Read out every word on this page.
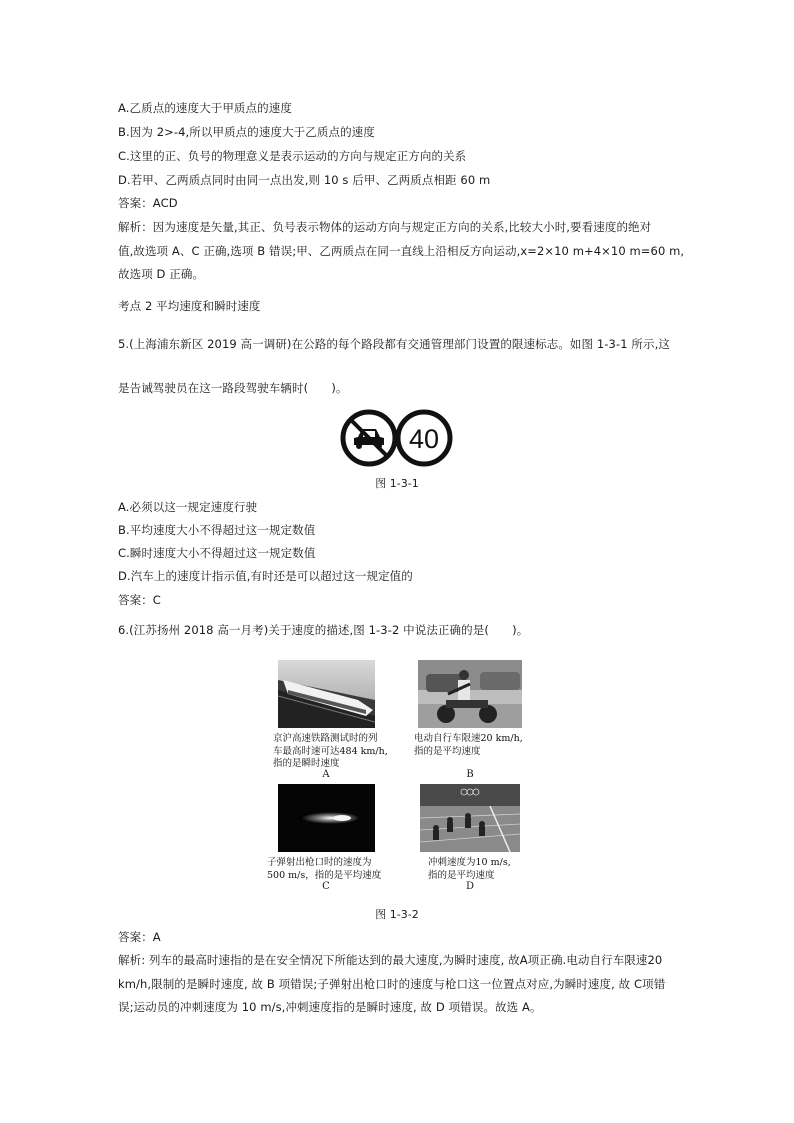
A.乙质点的速度大于甲质点的速度
B.因为 2>-4,所以甲质点的速度大于乙质点的速度
C.这里的正、负号的物理意义是表示运动的方向与规定正方向的关系
D.若甲、乙两质点同时由同一点出发,则 10 s 后甲、乙两质点相距 60 m
答案：ACD
解析：因为速度是矢量,其正、负号表示物体的运动方向与规定正方向的关系,比较大小时,要看速度的绝对
值,故选项 A、C 正确,选项 B 错误;甲、乙两质点在同一直线上沿相反方向运动,x=2×10 m+4×10 m=60 m,
故选项 D 正确。
考点 2 平均速度和瞬时速度
5.(上海浦东新区 2019 高一调研)在公路的每个路段都有交通管理部门设置的限速标志。如图 1-3-1 所示,这
是告诫驾驶员在这一路段驾驶车辆时(　　)。
40
图 1-3-1
A.必须以这一规定速度行驶
B.平均速度大小不得超过这一规定数值
C.瞬时速度大小不得超过这一规定数值
D.汽车上的速度计指示值,有时还是可以超过这一规定值的
答案：C
6.(江苏扬州 2018 高一月考)关于速度的描述,图 1-3-2 中说法正确的是(　　)。
京沪高速铁路测试时的列
车最高时速可达484 km/h,
指的是瞬时速度
A
电动自行车限速20 km/h,
指的是平均速度
B
子弹射出枪口时的速度为
500 m/s，指的是平均速度
C
冲刺速度为10 m/s,
指的是平均速度
D
图 1-3-2
答案：A
解析: 列车的最高时速指的是在安全情况下所能达到的最大速度,为瞬时速度, 故A项正确.电动自行车限速20
km/h,限制的是瞬时速度, 故 B 项错误;子弹射出枪口时的速度与枪口这一位置点对应,为瞬时速度, 故 C项错
误;运动员的冲刺速度为 10 m/s,冲刺速度指的是瞬时速度, 故 D 项错误。故选 A。
